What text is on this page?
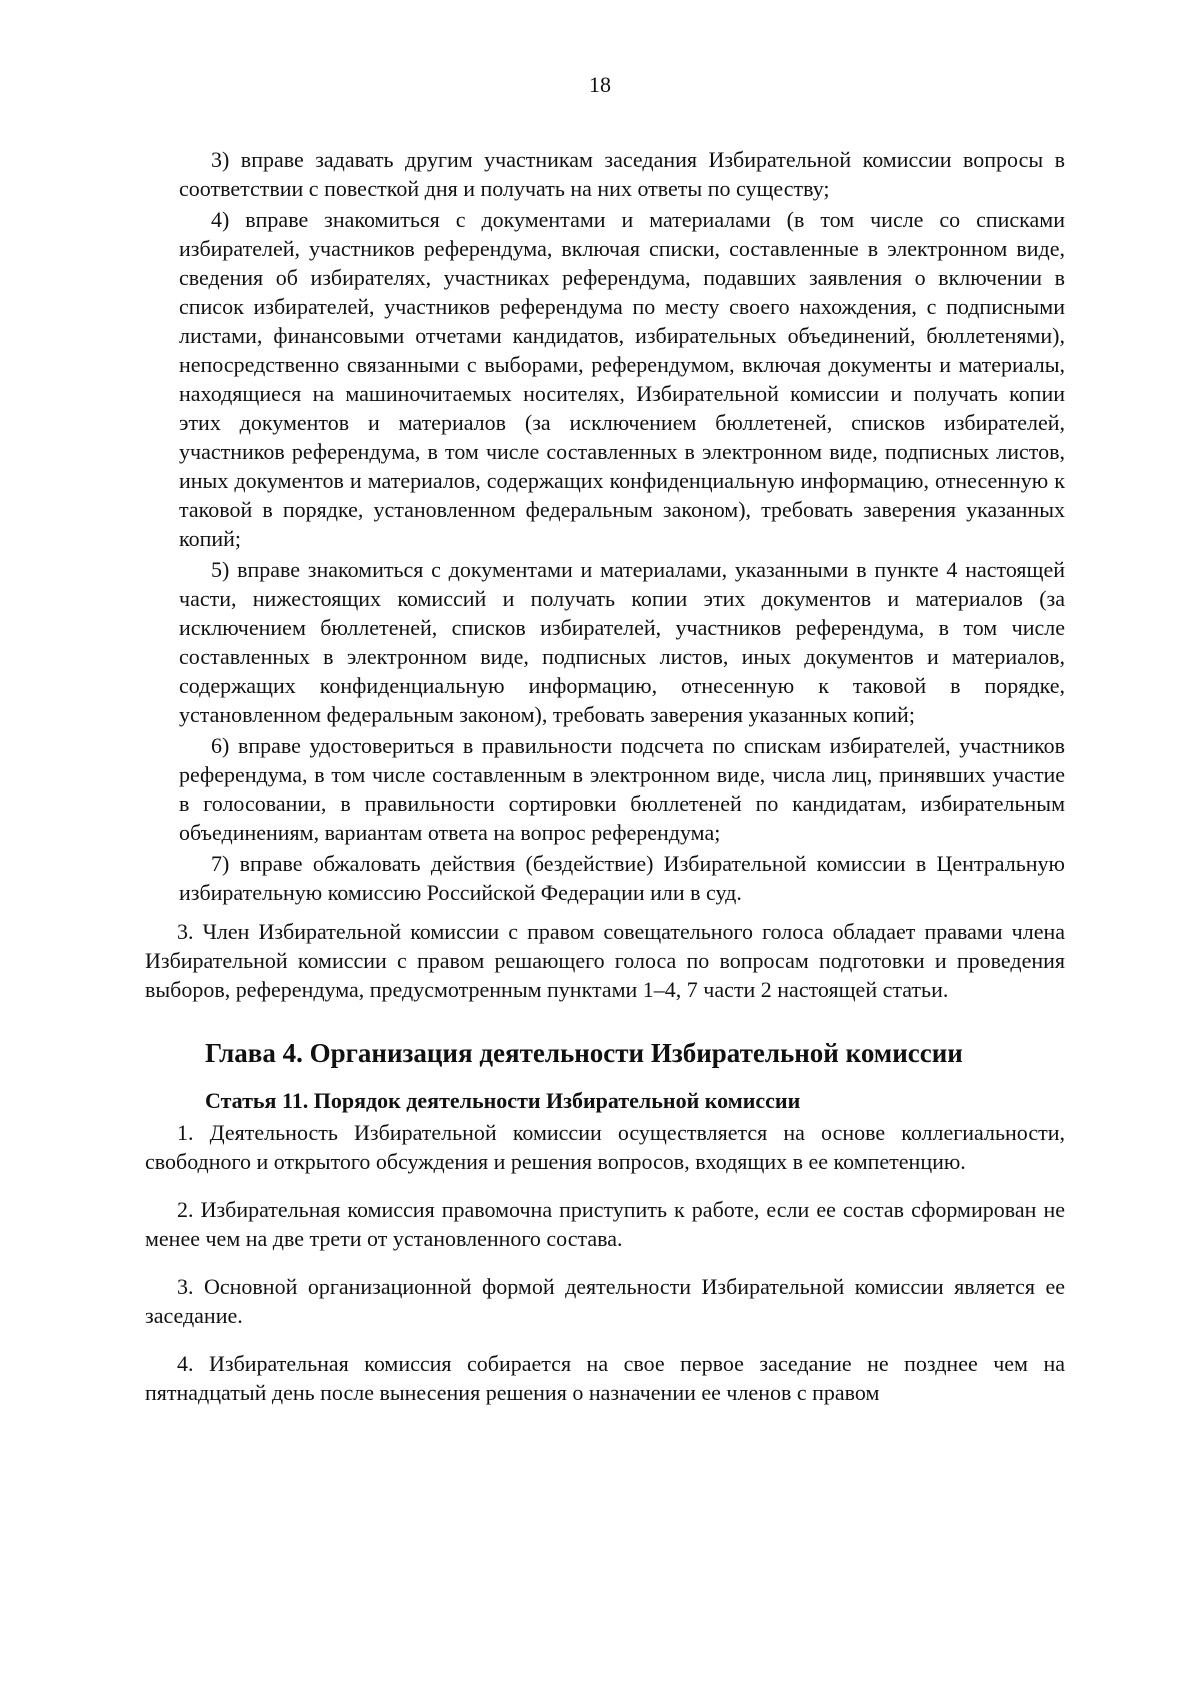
18

3) вправе задавать другим участникам заседания Избирательной комиссии вопросы в соответствии с повесткой дня и получать на них ответы по существу;

4) вправе знакомиться с документами и материалами (в том числе со списками избирателей, участников референдума, включая списки, составленные в электронном виде, сведения об избирателях, участниках референдума, подавших заявления о включении в список избирателей, участников референдума по месту своего нахождения, с подписными листами, финансовыми отчетами кандидатов, избирательных объединений, бюллетенями), непосредственно связанными с выборами, референдумом, включая документы и материалы, находящиеся на машиночитаемых носителях, Избирательной комиссии и получать копии этих документов и материалов (за исключением бюллетеней, списков избирателей, участников референдума, в том числе составленных в электронном виде, подписных листов, иных документов и материалов, содержащих конфиденциальную информацию, отнесенную к таковой в порядке, установленном федеральным законом), требовать заверения указанных копий;

5) вправе знакомиться с документами и материалами, указанными в пункте 4 настоящей части, нижестоящих комиссий и получать копии этих документов и материалов (за исключением бюллетеней, списков избирателей, участников референдума, в том числе составленных в электронном виде, подписных листов, иных документов и материалов, содержащих конфиденциальную информацию, отнесенную к таковой в порядке, установленном федеральным законом), требовать заверения указанных копий;

6) вправе удостовериться в правильности подсчета по спискам избирателей, участников референдума, в том числе составленным в электронном виде, числа лиц, принявших участие в голосовании, в правильности сортировки бюллетеней по кандидатам, избирательным объединениям, вариантам ответа на вопрос референдума;

7) вправе обжаловать действия (бездействие) Избирательной комиссии в Центральную избирательную комиссию Российской Федерации или в суд.

3. Член Избирательной комиссии с правом совещательного голоса обладает правами члена Избирательной комиссии с правом решающего голоса по вопросам подготовки и проведения выборов, референдума, предусмотренным пунктами 1–4, 7 части 2 настоящей статьи.

Глава 4. Организация деятельности Избирательной комиссии
Статья 11. Порядок деятельности Избирательной комиссии

1. Деятельность Избирательной комиссии осуществляется на основе коллегиальности, свободного и открытого обсуждения и решения вопросов, входящих в ее компетенцию.

2. Избирательная комиссия правомочна приступить к работе, если ее состав сформирован не менее чем на две трети от установленного состава.

3. Основной организационной формой деятельности Избирательной комиссии является ее заседание.

4. Избирательная комиссия собирается на свое первое заседание не позднее чем на пятнадцатый день после вынесения решения о назначении ее членов с правом
